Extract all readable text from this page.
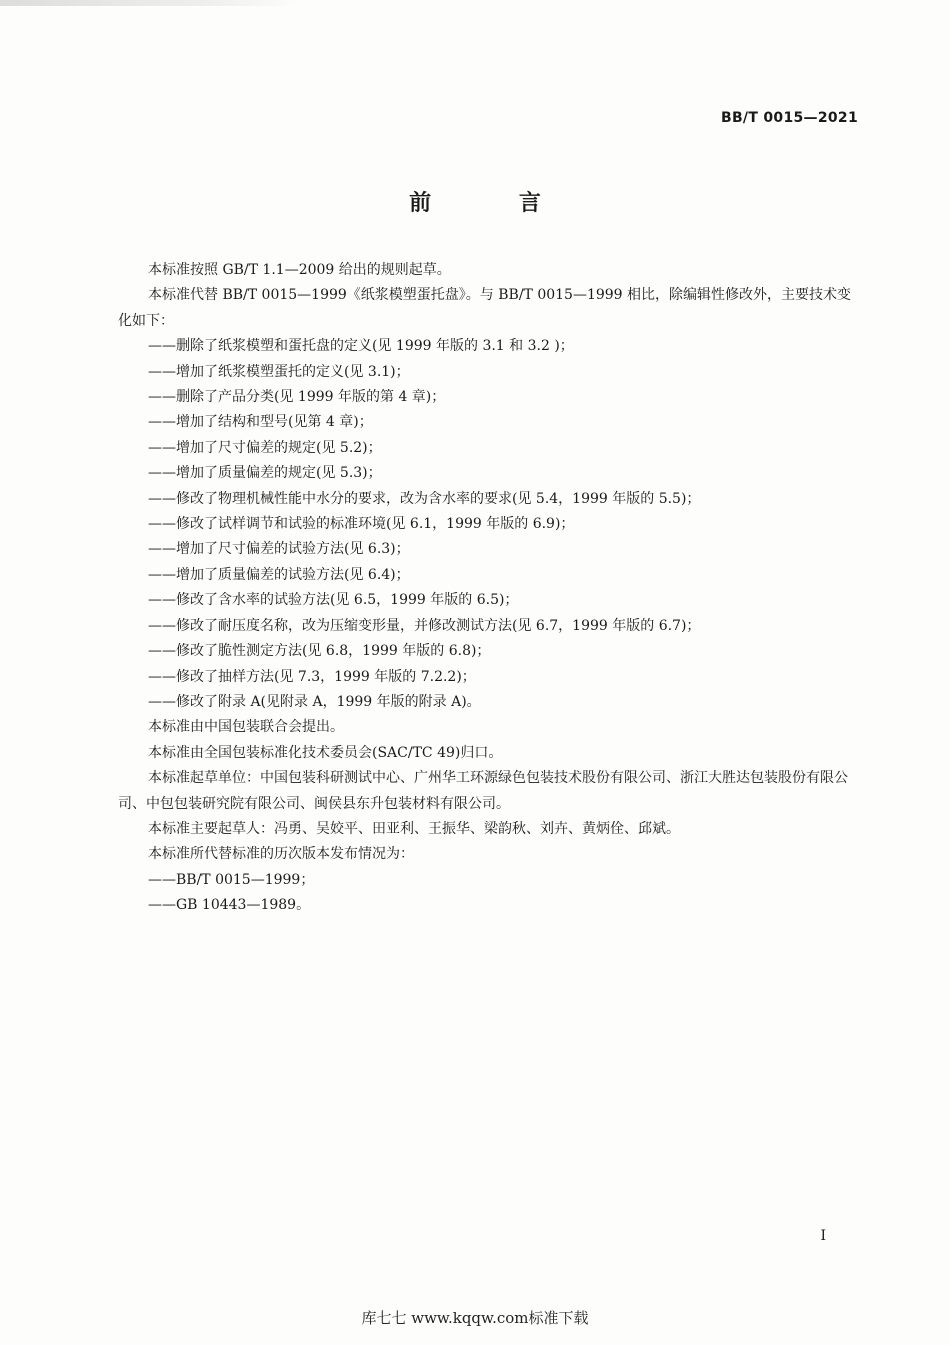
BB/T 0015—2021
前 言

本标准按照 GB/T 1.1—2009 给出的规则起草。

本标准代替 BB/T 0015—1999《纸浆模塑蛋托盘》。与 BB/T 0015—1999 相比，除编辑性修改外，主要技术变化如下：

——删除了纸浆模塑和蛋托盘的定义(见 1999 年版的 3.1 和 3.2 )；

——增加了纸浆模塑蛋托的定义(见 3.1)；

——删除了产品分类(见 1999 年版的第 4 章)；

——增加了结构和型号(见第 4 章)；

——增加了尺寸偏差的规定(见 5.2)；

——增加了质量偏差的规定(见 5.3)；

——修改了物理机械性能中水分的要求，改为含水率的要求(见 5.4，1999 年版的 5.5)；

——修改了试样调节和试验的标准环境(见 6.1，1999 年版的 6.9)；

——增加了尺寸偏差的试验方法(见 6.3)；

——增加了质量偏差的试验方法(见 6.4)；

——修改了含水率的试验方法(见 6.5，1999 年版的 6.5)；

——修改了耐压度名称，改为压缩变形量，并修改测试方法(见 6.7，1999 年版的 6.7)；

——修改了脆性测定方法(见 6.8，1999 年版的 6.8)；

——修改了抽样方法(见 7.3，1999 年版的 7.2.2)；

——修改了附录 A(见附录 A，1999 年版的附录 A)。

本标准由中国包装联合会提出。

本标准由全国包装标准化技术委员会(SAC/TC 49)归口。

本标准起草单位：中国包装科研测试中心、广州华工环源绿色包装技术股份有限公司、浙江大胜达包装股份有限公司、中包包装研究院有限公司、闽侯县东升包装材料有限公司。

本标准主要起草人：冯勇、吴姣平、田亚利、王振华、梁韵秋、刘卉、黄炳佺、邱斌。

本标准所代替标准的历次版本发布情况为：

——BB/T 0015—1999；

——GB 10443—1989。

I
库七七 www.kqqw.com标准下载
